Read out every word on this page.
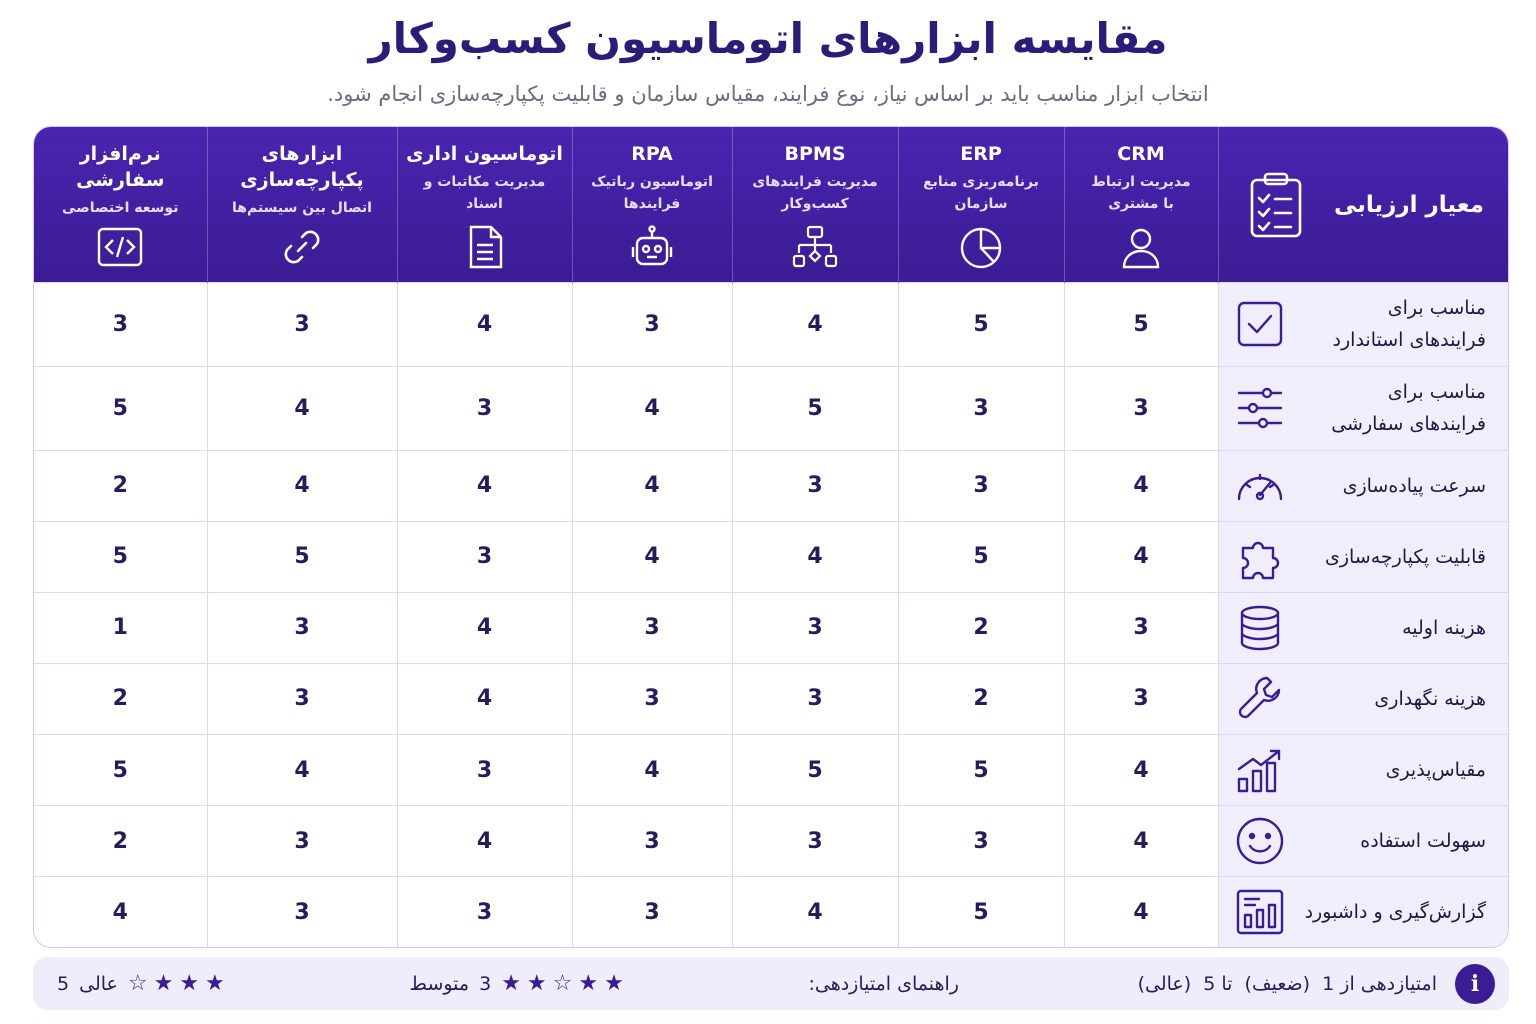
مقایسه ابزارهای اتوماسیون کسب‌وکار
انتخاب ابزار مناسب باید بر اساس نیاز، نوع فرایند، مقیاس سازمان و قابلیت پکپارچه‌سازی انجام شود.
معیار ارزیابی	CRM
مدیریت ارتباط
با مشتری	ERP
برنامه‌ریزی منابع
سازمان	BPMS
مدیریت فرایندهای
کسب‌وکار	RPA
اتوماسیون رباتیک
فرایندها	اتوماسیون اداری
مدیریت مکاتبات و
اسناد	ابزارهای پکپارچه‌سازی
اتصال بین سیستم‌ها	نرم‌افزار سفارشی
توسعه اختصاصی

مناسب برای
فرایندهای استاندارد	5	5	4	3	4	3	3

مناسب برای
فرایندهای سفارشی	3	3	5	4	3	4	5

سرعت پیاده‌سازی	4	3	3	4	4	4	2

قابلیت پکپارچه‌سازی	4	5	4	4	3	5	5

هزینه اولیه	3	2	3	3	4	3	1

هزینه نگهداری	3	2	3	3	4	3	2

مقیاس‌پذیری	4	5	5	4	3	4	5

سهولت استفاده	4	3	3	3	4	3	2

گزارش‌گیری و داشبورد	4	5	4	3	3	3	4
i
امتیازدهی از 1  (ضعیف)  تا 5  (عالی)
راهنمای امتیازدهی:
★★☆★★
3
متوسط
★★★☆
عالی
5
